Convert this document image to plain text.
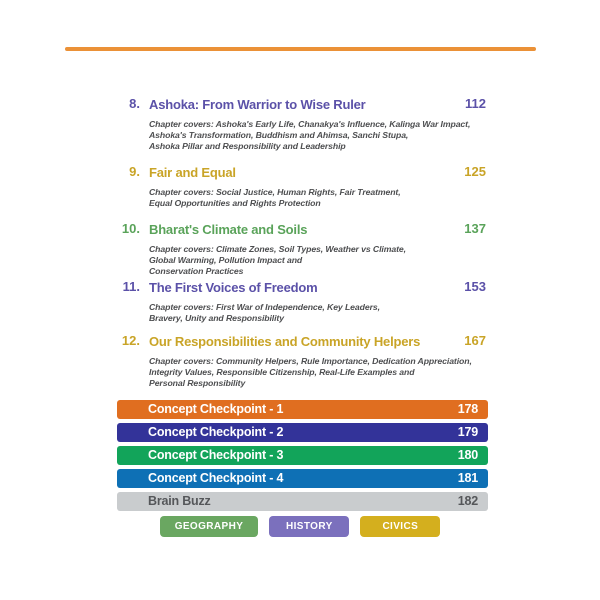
8. Ashoka: From Warrior to Wise Ruler	112
Chapter covers: Ashoka's Early Life, Chanakya's Influence, Kalinga War Impact,
Ashoka's Transformation, Buddhism and Ahimsa, Sanchi Stupa,
Ashoka Pillar and Responsibility and Leadership
9. Fair and Equal	125
Chapter covers: Social Justice, Human Rights, Fair Treatment,
Equal Opportunities and Rights Protection
10. Bharat's Climate and Soils	137
Chapter covers: Climate Zones, Soil Types, Weather vs Climate,
Global Warming, Pollution Impact and
Conservation Practices
11. The First Voices of Freedom	153
Chapter covers: First War of Independence, Key Leaders,
Bravery, Unity and Responsibility
12. Our Responsibilities and Community Helpers	167
Chapter covers: Community Helpers, Rule Importance, Dedication Appreciation,
Integrity Values, Responsible Citizenship, Real-Life Examples and
Personal Responsibility
Concept Checkpoint - 1	178
Concept Checkpoint - 2	179
Concept Checkpoint - 3	180
Concept Checkpoint - 4	181
Brain Buzz	182
GEOGRAPHY	HISTORY	CIVICS
